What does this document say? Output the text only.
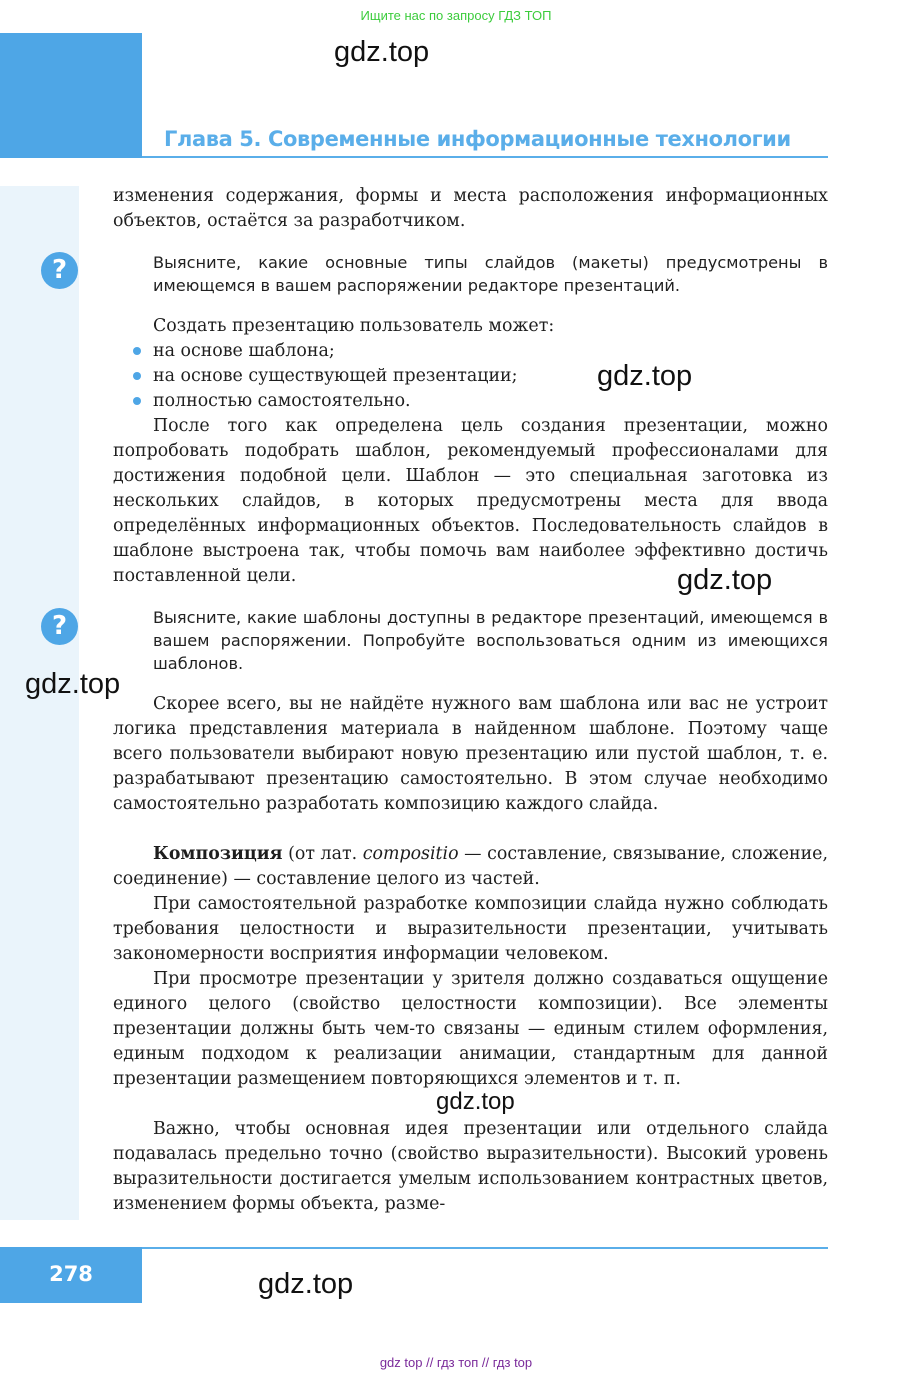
Ищите нас по запросу ГДЗ ТОП
Глава 5. Современные информационные технологии
gdz.top

изменения содержания, формы и места расположения информационных объектов, остаётся за разработчиком.

?	Выясните, какие основные типы слайдов (макеты) предусмотрены в имеющемся в вашем распоряжении редакторе презентаций.

Создать презентацию пользователь может:
на основе шаблона;
на основе существующей презентации;
полностью самостоятельно.
gdz.top

После того как определена цель создания презентации, можно попробовать подобрать шаблон, рекомендуемый профессионалами для достижения подобной цели. Шаблон — это специальная заготовка из нескольких слайдов, в которых предусмотрены места для ввода определённых информационных объектов. Последовательность слайдов в шаблоне выстроена так, чтобы помочь вам наиболее эффективно достичь поставленной цели.	gdz.top
?	Выясните, какие шаблоны доступны в редакторе презентаций, имеющемся в вашем распоряжении. Попробуйте воспользоваться одним из имеющихся шаблонов.

gdz.top

Скорее всего, вы не найдёте нужного вам шаблона или вас не устроит логика представления материала в найденном шаблоне. Поэтому чаще всего пользователи выбирают новую презентацию или пустой шаблон, т. е. разрабатывают презентацию самостоятельно. В этом случае необходимо самостоятельно разработать композицию каждого слайда.

Композиция (от лат. compositio — составление, связывание, сложение, соединение) — составление целого из частей.

При самостоятельной разработке композиции слайда нужно соблюдать требования целостности и выразительности презентации, учитывать закономерности восприятия информации человеком.

При просмотре презентации у зрителя должно создаваться ощущение единого целого (свойство целостности композиции). Все элементы презентации должны быть чем-то связаны — единым стилем оформления, единым подходом к реализации анимации, стандартным для данной презентации размещением повторяющихся элементов и т. п.

gdz.top

Важно, чтобы основная идея презентации или отдельного слайда подавалась предельно точно (свойство выразительности). Высокий уровень выразительности достигается умелым использованием контрастных цветов, изменением формы объекта, разме-

278	gdz.top
gdz top // гдз топ // гдз top
